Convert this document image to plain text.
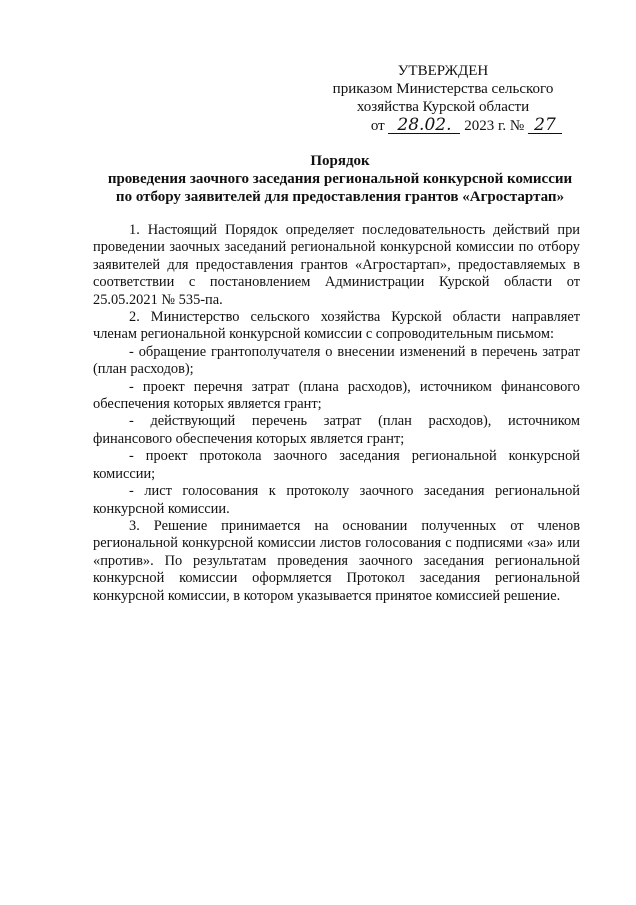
УТВЕРЖДЕН
приказом Министерства сельского
хозяйства Курской области
от 28.02. 2023 г. № 27
Порядок
проведения заочного заседания региональной конкурсной комиссии
по отбору заявителей для предоставления грантов «Агростартап»

1. Настоящий Порядок определяет последовательность действий при проведении заочных заседаний региональной конкурсной комиссии по отбору заявителей для предоставления грантов «Агростартап», предоставляемых в соответствии с постановлением Администрации Курской области от 25.05.2021 № 535-па.

2. Министерство сельского хозяйства Курской области направляет членам региональной конкурсной комиссии с сопроводительным письмом:

- обращение грантополучателя о внесении изменений в перечень затрат (план расходов);

- проект перечня затрат (плана расходов), источником финансового обеспечения которых является грант;

- действующий перечень затрат (план расходов), источником финансового обеспечения которых является грант;

- проект протокола заочного заседания региональной конкурсной комиссии;

- лист голосования к протоколу заочного заседания региональной конкурсной комиссии.

3. Решение принимается на основании полученных от членов региональной конкурсной комиссии листов голосования с подписями «за» или «против». По результатам проведения заочного заседания региональной конкурсной комиссии оформляется Протокол заседания региональной конкурсной комиссии, в котором указывается принятое комиссией решение.
